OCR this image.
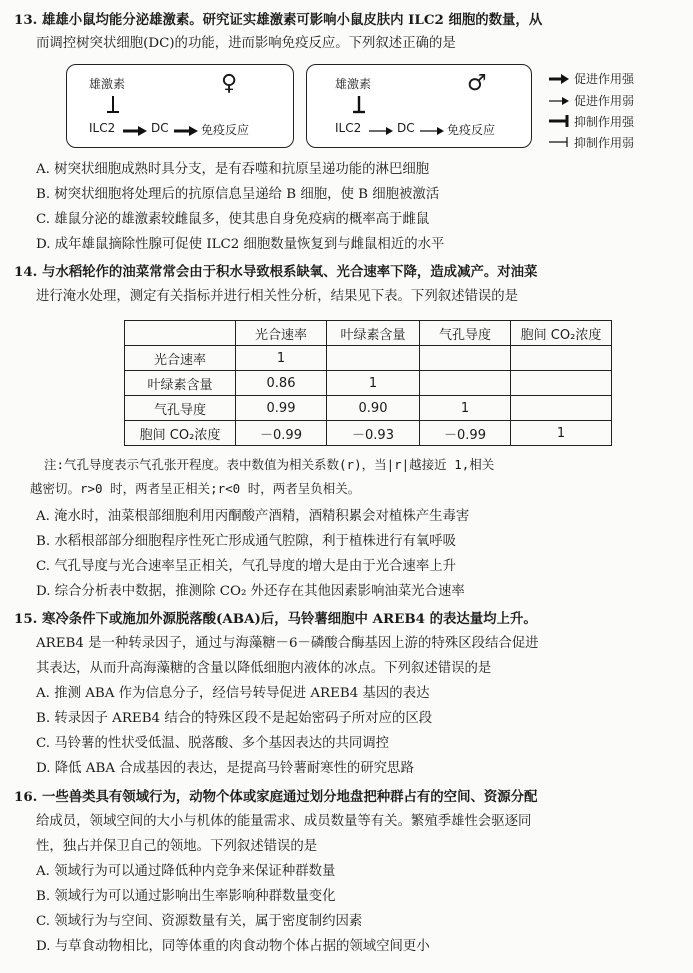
13. 雄雄小鼠均能分泌雄激素。研究证实雄激素可影响小鼠皮肤内 ILC2 细胞的数量，从
而调控树突状细胞(DC)的功能，进而影响免疫反应。下列叙述正确的是
雄激素	♀
ILC2	DC	免疫反应
雄激素	♂
ILC2	DC	免疫反应
促进作用强
促进作用弱
抑制作用强
抑制作用弱
A. 树突状细胞成熟时具分支，是有吞噬和抗原呈递功能的淋巴细胞
B. 树突状细胞将处理后的抗原信息呈递给 B 细胞，使 B 细胞被激活
C. 雄鼠分泌的雄激素较雌鼠多，使其患自身免疫病的概率高于雌鼠
D. 成年雄鼠摘除性腺可促使 ILC2 细胞数量恢复到与雌鼠相近的水平
14. 与水稻轮作的油菜常常会由于积水导致根系缺氧、光合速率下降，造成减产。对油菜
进行淹水处理，测定有关指标并进行相关性分析，结果见下表。下列叙述错误的是
	光合速率	叶绿素含量	气孔导度	胞间 CO₂浓度
光合速率	1			
叶绿素含量	0.86	1		
气孔导度	0.99	0.90	1	
胞间 CO₂浓度	－0.99	－0.93	－0.99	1
注:气孔导度表示气孔张开程度。表中数值为相关系数(r)，当|r|越接近 1,相关
越密切。r>0 时，两者呈正相关;r<0 时，两者呈负相关。
A. 淹水时，油菜根部细胞利用丙酮酸产酒精，酒精积累会对植株产生毒害
B. 水稻根部部分细胞程序性死亡形成通气腔隙，利于植株进行有氧呼吸
C. 气孔导度与光合速率呈正相关，气孔导度的增大是由于光合速率上升
D. 综合分析表中数据，推测除 CO₂ 外还存在其他因素影响油菜光合速率
15. 寒冷条件下或施加外源脱落酸(ABA)后，马铃薯细胞中 AREB4 的表达量均上升。
AREB4 是一种转录因子，通过与海藻糖－6－磷酸合酶基因上游的特殊区段结合促进
其表达，从而升高海藻糖的含量以降低细胞内液体的冰点。下列叙述错误的是
A. 推测 ABA 作为信息分子，经信号转导促进 AREB4 基因的表达
B. 转录因子 AREB4 结合的特殊区段不是起始密码子所对应的区段
C. 马铃薯的性状受低温、脱落酸、多个基因表达的共同调控
D. 降低 ABA 合成基因的表达，是提高马铃薯耐寒性的研究思路
16. 一些兽类具有领域行为，动物个体或家庭通过划分地盘把种群占有的空间、资源分配
给成员，领域空间的大小与机体的能量需求、成员数量等有关。繁殖季雄性会驱逐同
性，独占并保卫自己的领地。下列叙述错误的是
A. 领域行为可以通过降低种内竞争来保证种群数量
B. 领域行为可以通过影响出生率影响种群数量变化
C. 领域行为与空间、资源数量有关，属于密度制约因素
D. 与草食动物相比，同等体重的肉食动物个体占据的领域空间更小
